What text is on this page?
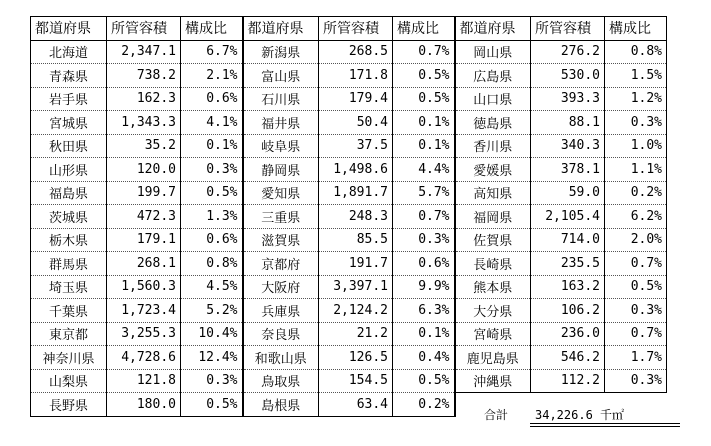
都道府県	所管容積	構成比	都道府県	所管容積	構成比	都道府県	所管容積	構成比
北海道	2,347.1	6.7%	新潟県	268.5	0.7%	岡山県	276.2	0.8%
青森県	738.2	2.1%	富山県	171.8	0.5%	広島県	530.0	1.5%
岩手県	162.3	0.6%	石川県	179.4	0.5%	山口県	393.3	1.2%
宮城県	1,343.3	4.1%	福井県	50.4	0.1%	徳島県	88.1	0.3%
秋田県	35.2	0.1%	岐阜県	37.5	0.1%	香川県	340.3	1.0%
山形県	120.0	0.3%	静岡県	1,498.6	4.4%	愛媛県	378.1	1.1%
福島県	199.7	0.5%	愛知県	1,891.7	5.7%	高知県	59.0	0.2%
茨城県	472.3	1.3%	三重県	248.3	0.7%	福岡県	2,105.4	6.2%
栃木県	179.1	0.6%	滋賀県	85.5	0.3%	佐賀県	714.0	2.0%
群馬県	268.1	0.8%	京都府	191.7	0.6%	長崎県	235.5	0.7%
埼玉県	1,560.3	4.5%	大阪府	3,397.1	9.9%	熊本県	163.2	0.5%
千葉県	1,723.4	5.2%	兵庫県	2,124.2	6.3%	大分県	106.2	0.3%
東京都	3,255.3	10.4%	奈良県	21.2	0.1%	宮崎県	236.0	0.7%
神奈川県	4,728.6	12.4%	和歌山県	126.5	0.4%	鹿児島県	546.2	1.7%
山梨県	121.8	0.3%	鳥取県	154.5	0.5%	沖縄県	112.2	0.3%
長野県	180.0	0.5%	島根県	63.4	0.2%			
合計 34,226.6 千㎡
